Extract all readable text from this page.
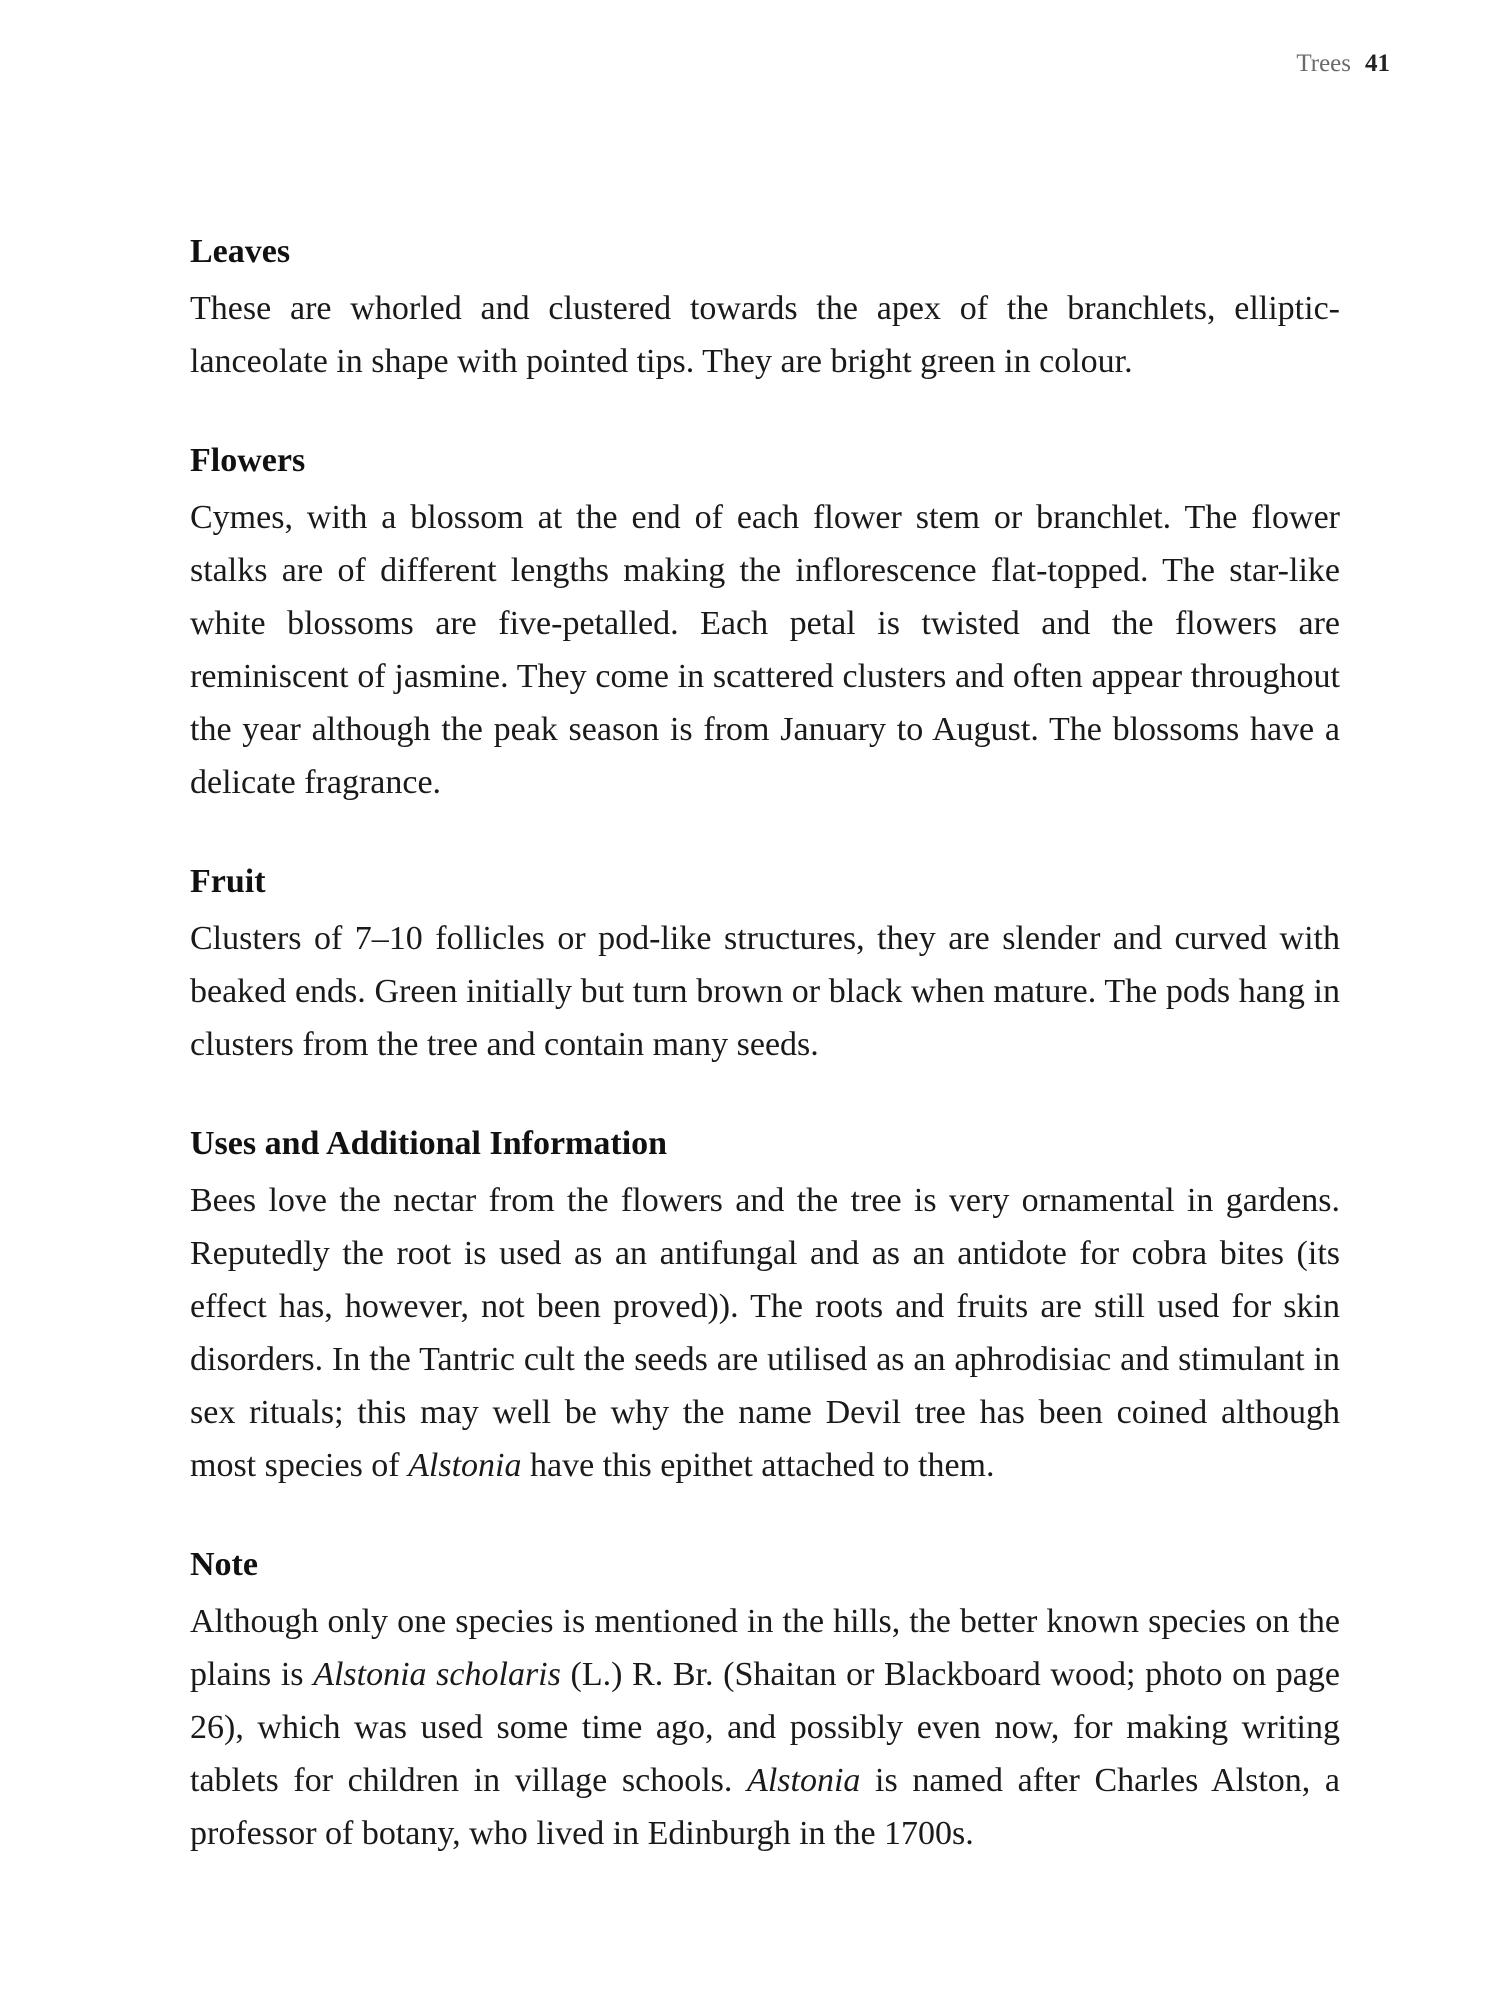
Trees 41
Leaves

These are whorled and clustered towards the apex of the branchlets, elliptic-lanceolate in shape with pointed tips. They are bright green in colour.

Flowers

Cymes, with a blossom at the end of each flower stem or branchlet. The flower stalks are of different lengths making the inflorescence flat-topped. The star-like white blossoms are five-petalled. Each petal is twisted and the flowers are reminiscent of jasmine. They come in scattered clusters and often appear throughout the year although the peak season is from January to August. The blossoms have a delicate fragrance.

Fruit

Clusters of 7–10 follicles or pod-like structures, they are slender and curved with beaked ends. Green initially but turn brown or black when mature. The pods hang in clusters from the tree and contain many seeds.

Uses and Additional Information

Bees love the nectar from the flowers and the tree is very ornamental in gardens. Reputedly the root is used as an antifungal and as an antidote for cobra bites (its effect has, however, not been proved)). The roots and fruits are still used for skin disorders. In the Tantric cult the seeds are utilised as an aphrodisiac and stimulant in sex rituals; this may well be why the name Devil tree has been coined although most species of Alstonia have this epithet attached to them.

Note

Although only one species is mentioned in the hills, the better known species on the plains is Alstonia scholaris (L.) R. Br. (Shaitan or Blackboard wood; photo on page 26), which was used some time ago, and possibly even now, for making writing tablets for children in village schools. Alstonia is named after Charles Alston, a professor of botany, who lived in Edinburgh in the 1700s.
